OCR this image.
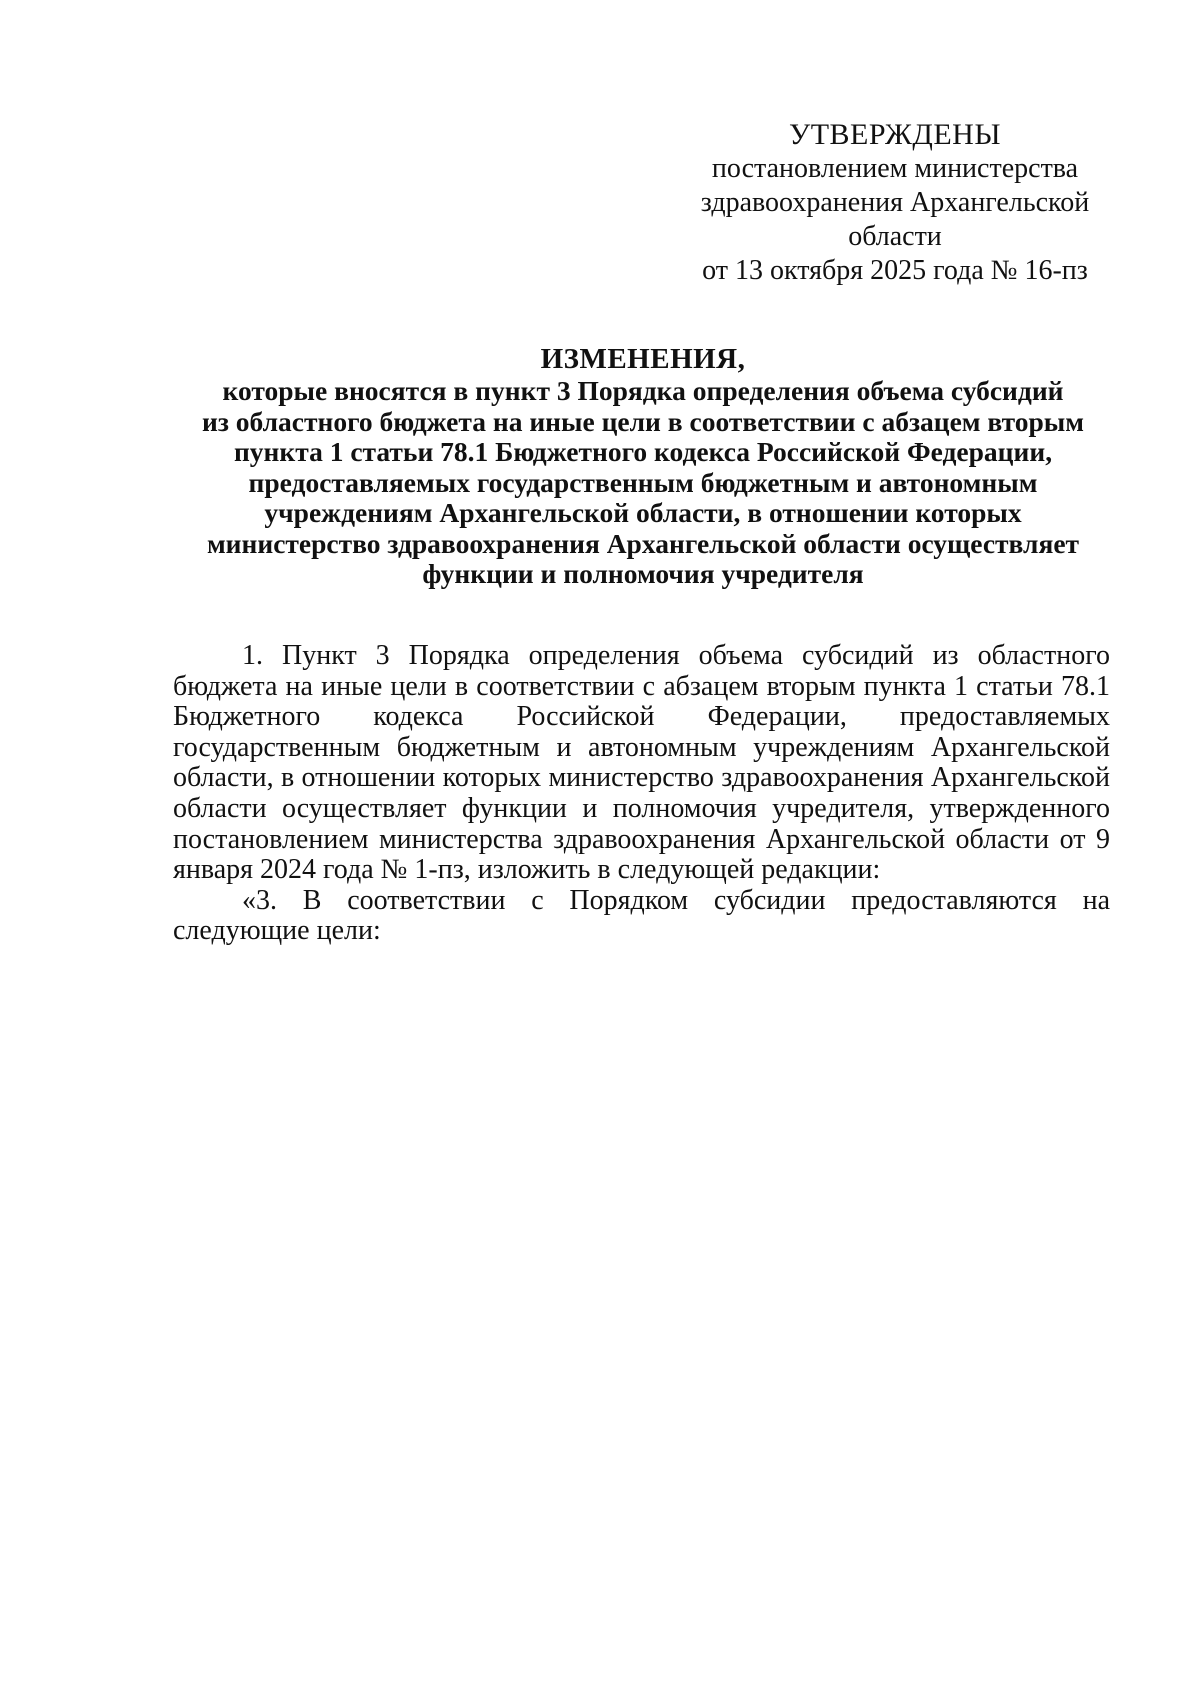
УТВЕРЖДЕНЫ
постановлением министерства
здравоохранения Архангельской
области
от 13 октября 2025 года № 16-пз
ИЗМЕНЕНИЯ,
которые вносятся в пункт 3 Порядка определения объема субсидий
из областного бюджета на иные цели в соответствии с абзацем вторым
пункта 1 статьи 78.1 Бюджетного кодекса Российской Федерации,
предоставляемых государственным бюджетным и автономным
учреждениям Архангельской области, в отношении которых
министерство здравоохранения Архангельской области осуществляет
функции и полномочия учредителя

1. Пункт 3 Порядка определения объема субсидий из областного бюджета на иные цели в соответствии с абзацем вторым пункта 1 статьи 78.1 Бюджетного кодекса Российской Федерации, предоставляемых государственным бюджетным и автономным учреждениям Архангельской области, в отношении которых министерство здравоохранения Архангельской области осуществляет функции и полномочия учредителя, утвержденного постановлением министерства здравоохранения Архангельской области от 9 января 2024 года № 1-пз, изложить в следующей редакции:

«3. В соответствии с Порядком субсидии предоставляются на следующие цели:
